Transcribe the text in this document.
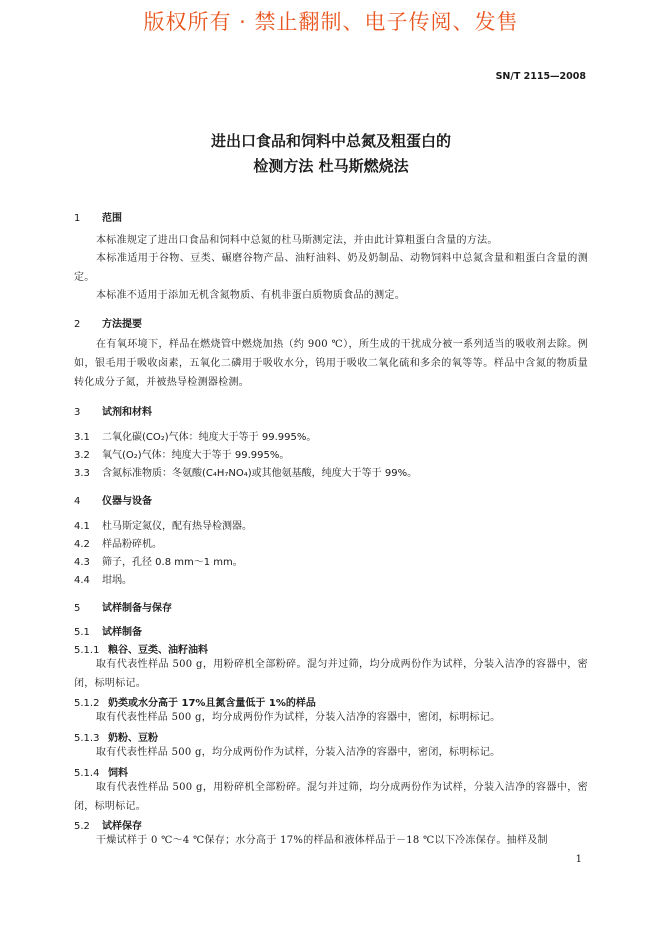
版权所有 · 禁止翻制、电子传阅、发售
SN/T 2115—2008
进出口食品和饲料中总氮及粗蛋白的
检测方法 杜马斯燃烧法
1 范围
本标准规定了进出口食品和饲料中总氮的杜马斯测定法，并由此计算粗蛋白含量的方法。
本标准适用于谷物、豆类、碾磨谷物产品、油籽油料、奶及奶制品、动物饲料中总氮含量和粗蛋白含量的测定。
本标准不适用于添加无机含氮物质、有机非蛋白质物质食品的测定。
2 方法提要
在有氧环境下，样品在燃烧管中燃烧加热（约 900 ℃），所生成的干扰成分被一系列适当的吸收剂去除。例如，银毛用于吸收卤素，五氧化二磷用于吸收水分，钨用于吸收二氧化硫和多余的氧等等。样品中含氮的物质量转化成分子氮，并被热导检测器检测。
3 试剂和材料
3.1 二氧化碳(CO₂)气体：纯度大于等于 99.995%。
3.2 氧气(O₂)气体：纯度大于等于 99.995%。
3.3 含氮标准物质：冬氨酸(C₄H₇NO₄)或其他氨基酸，纯度大于等于 99%。
4 仪器与设备
4.1 杜马斯定氮仪，配有热导检测器。
4.2 样品粉碎机。
4.3 筛子，孔径 0.8 mm～1 mm。
4.4 坩埚。
5 试样制备与保存
5.1 试样制备
5.1.1 粮谷、豆类、油籽油料
取有代表性样品 500 g，用粉碎机全部粉碎。混匀并过筛，均分成两份作为试样，分装入洁净的容器中，密闭，标明标记。
5.1.2 奶类或水分高于 17%且氮含量低于 1%的样品
取有代表性样品 500 g，均分成两份作为试样，分装入洁净的容器中，密闭，标明标记。
5.1.3 奶粉、豆粉
取有代表性样品 500 g，均分成两份作为试样，分装入洁净的容器中，密闭，标明标记。
5.1.4 饲料
取有代表性样品 500 g，用粉碎机全部粉碎。混匀并过筛，均分成两份作为试样，分装入洁净的容器中，密闭，标明标记。
5.2 试样保存
干燥试样于 0 ℃～4 ℃保存；水分高于 17%的样品和液体样品于－18 ℃以下冷冻保存。抽样及制
1
